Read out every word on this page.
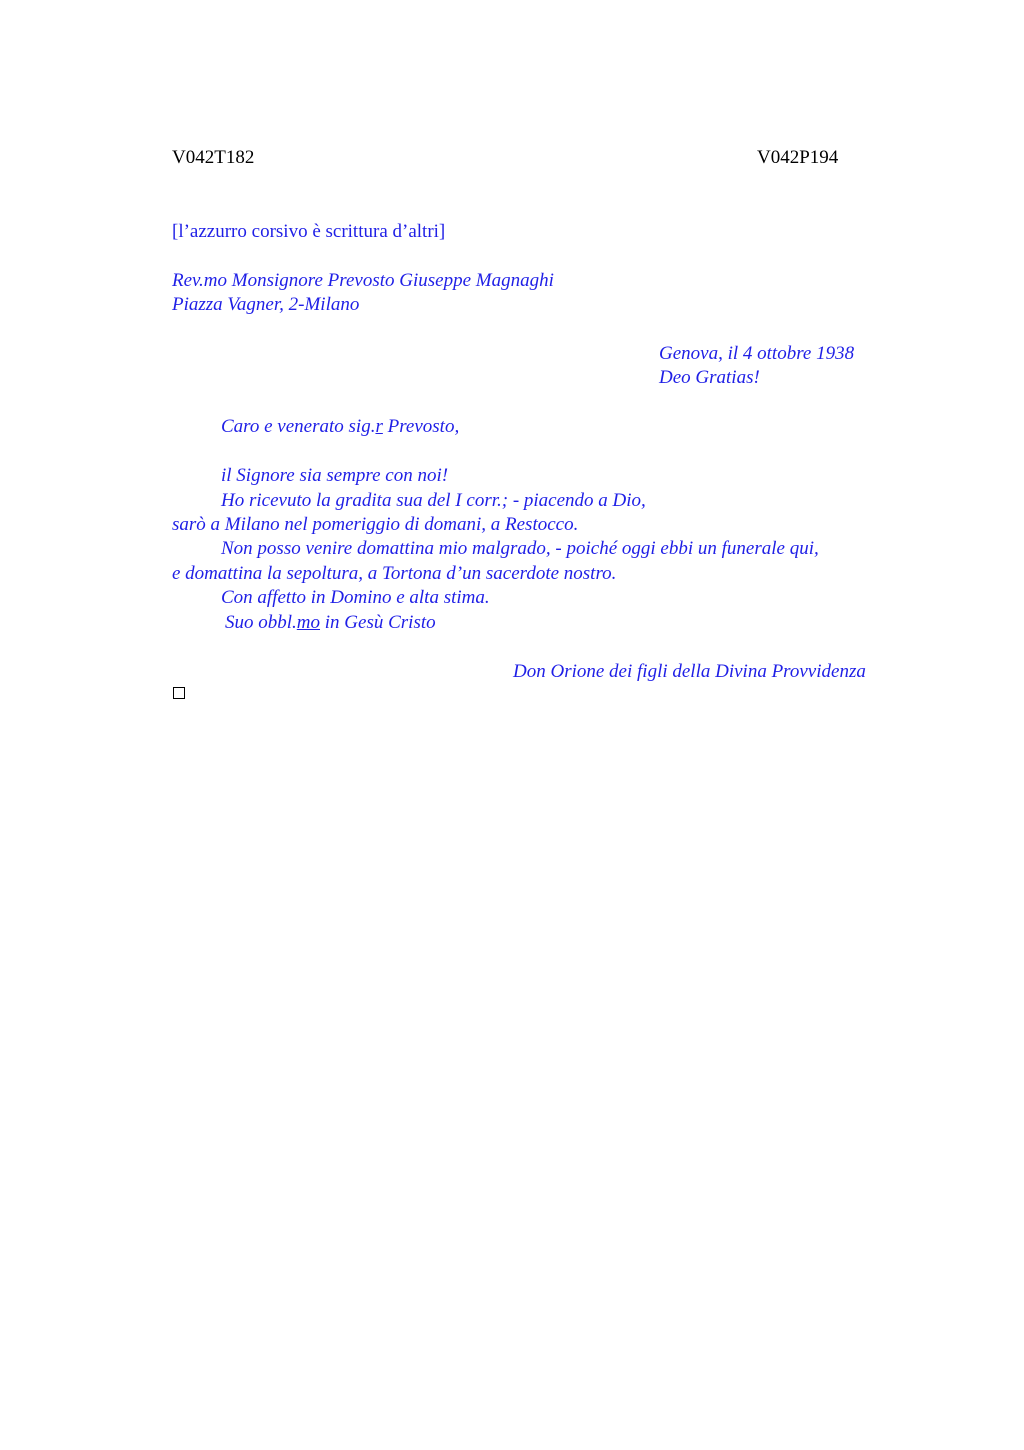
V042T182	V042P194
[l’azzurro corsivo è scrittura d’altri]
Rev.mo Monsignore Prevosto Giuseppe Magnaghi
Piazza Vagner, 2-Milano
Genova, il 4 ottobre 1938
Deo Gratias!
Caro e venerato sig.r Prevosto,
il Signore sia sempre con noi!
Ho ricevuto la gradita sua del I corr.; - piacendo a Dio,
sarò a Milano nel pomeriggio di domani, a Restocco.
Non posso venire domattina mio malgrado, - poiché oggi ebbi un funerale qui,
e domattina la sepoltura, a Tortona d’un sacerdote nostro.
Con affetto in Domino e alta stima.
Suo obbl.mo in Gesù Cristo
Don Orione dei figli della Divina Provvidenza
